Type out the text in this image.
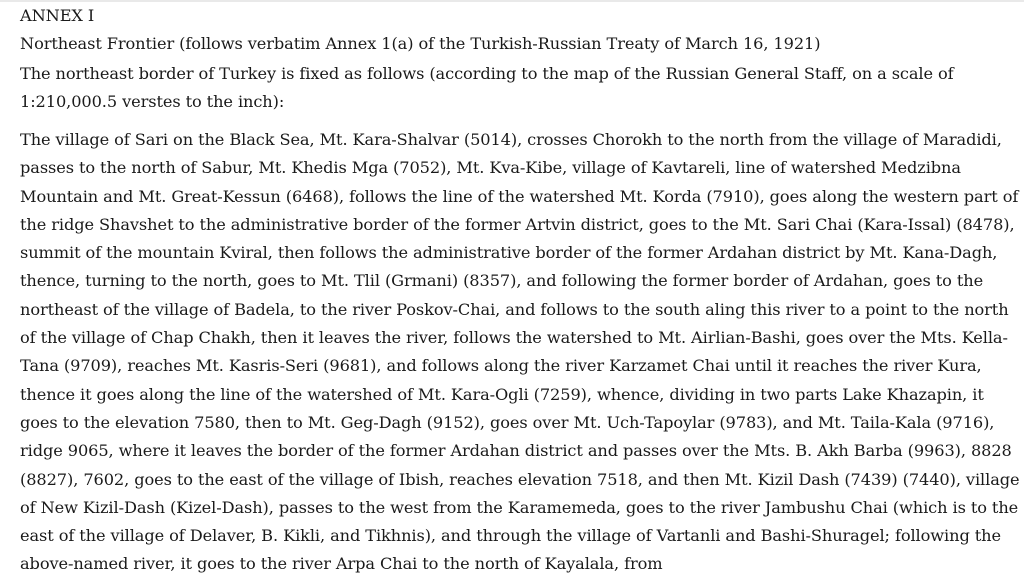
ANNEX I

Northeast Frontier (follows verbatim Annex 1(a) of the Turkish-Russian Treaty of March 16, 1921)

The northeast border of Turkey is fixed as follows (according to the map of the Russian General Staff, on a scale of 1:210,000.5 verstes to the inch):

The village of Sari on the Black Sea, Mt. Kara-Shalvar (5014), crosses Chorokh to the north from the village of Maradidi, passes to the north of Sabur, Mt. Khedis Mga (7052), Mt. Kva-Kibe, village of Kavtareli, line of watershed Medzibna Mountain and Mt. Great-Kessun (6468), follows the line of the watershed Mt. Korda (7910), goes along the western part of the ridge Shavshet to the administrative border of the former Artvin district, goes to the Mt. Sari Chai (Kara-Issal) (8478), summit of the mountain Kviral, then follows the administrative border of the former Ardahan district by Mt. Kana-Dagh, thence, turning to the north, goes to Mt. Tlil (Grmani) (8357), and following the former border of Ardahan, goes to the northeast of the village of Badela, to the river Poskov-Chai, and follows to the south aling this river to a point to the north of the village of Chap Chakh, then it leaves the river, follows the watershed to Mt. Airlian-Bashi, goes over the Mts. Kella-Tana (9709), reaches Mt. Kasris-Seri (9681), and follows along the river Karzamet Chai until it reaches the river Kura, thence it goes along the line of the watershed of Mt. Kara-Ogli (7259), whence, dividing in two parts Lake Khazapin, it goes to the elevation 7580, then to Mt. Geg-Dagh (9152), goes over Mt. Uch-Tapoylar (9783), and Mt. Taila-Kala (9716), ridge 9065, where it leaves the border of the former Ardahan district and passes over the Mts. B. Akh Barba (9963), 8828 (8827), 7602, goes to the east of the village of Ibish, reaches elevation 7518, and then Mt. Kizil Dash (7439) (7440), village of New Kizil-Dash (Kizel-Dash), passes to the west from the Karamemeda, goes to the river Jambushu Chai (which is to the east of the village of Delaver, B. Kikli, and Tikhnis), and through the village of Vartanli and Bashi-Shuragel; following the above-named river, it goes to the river Arpa Chai to the north of Kayalala, from
